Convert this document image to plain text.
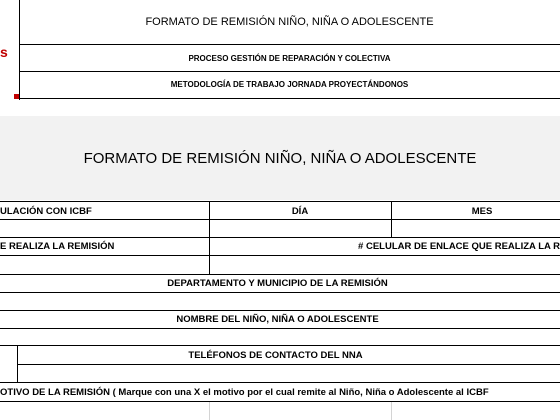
s
FORMATO DE REMISIÓN NIÑO, NIÑA O ADOLESCENTE
PROCESO GESTIÓN DE REPARACIÓN Y COLECTIVA
METODOLOGÍA DE TRABAJO JORNADA PROYECTÁNDONOS
FORMATO DE REMISIÓN NIÑO, NIÑA O ADOLESCENTE
ULACIÓN CON ICBF	DÍA	MES
E REALIZA LA REMISIÓN	# CELULAR DE ENLACE QUE REALIZA LA R
DEPARTAMENTO Y MUNICIPIO DE LA REMISIÓN
NOMBRE DEL NIÑO, NIÑA O ADOLESCENTE
TELÉFONOS DE CONTACTO DEL NNA
OTIVO DE LA REMISIÓN ( Marque con una X el motivo por el cual remite al Niño, Niña o Adolescente al ICBF
